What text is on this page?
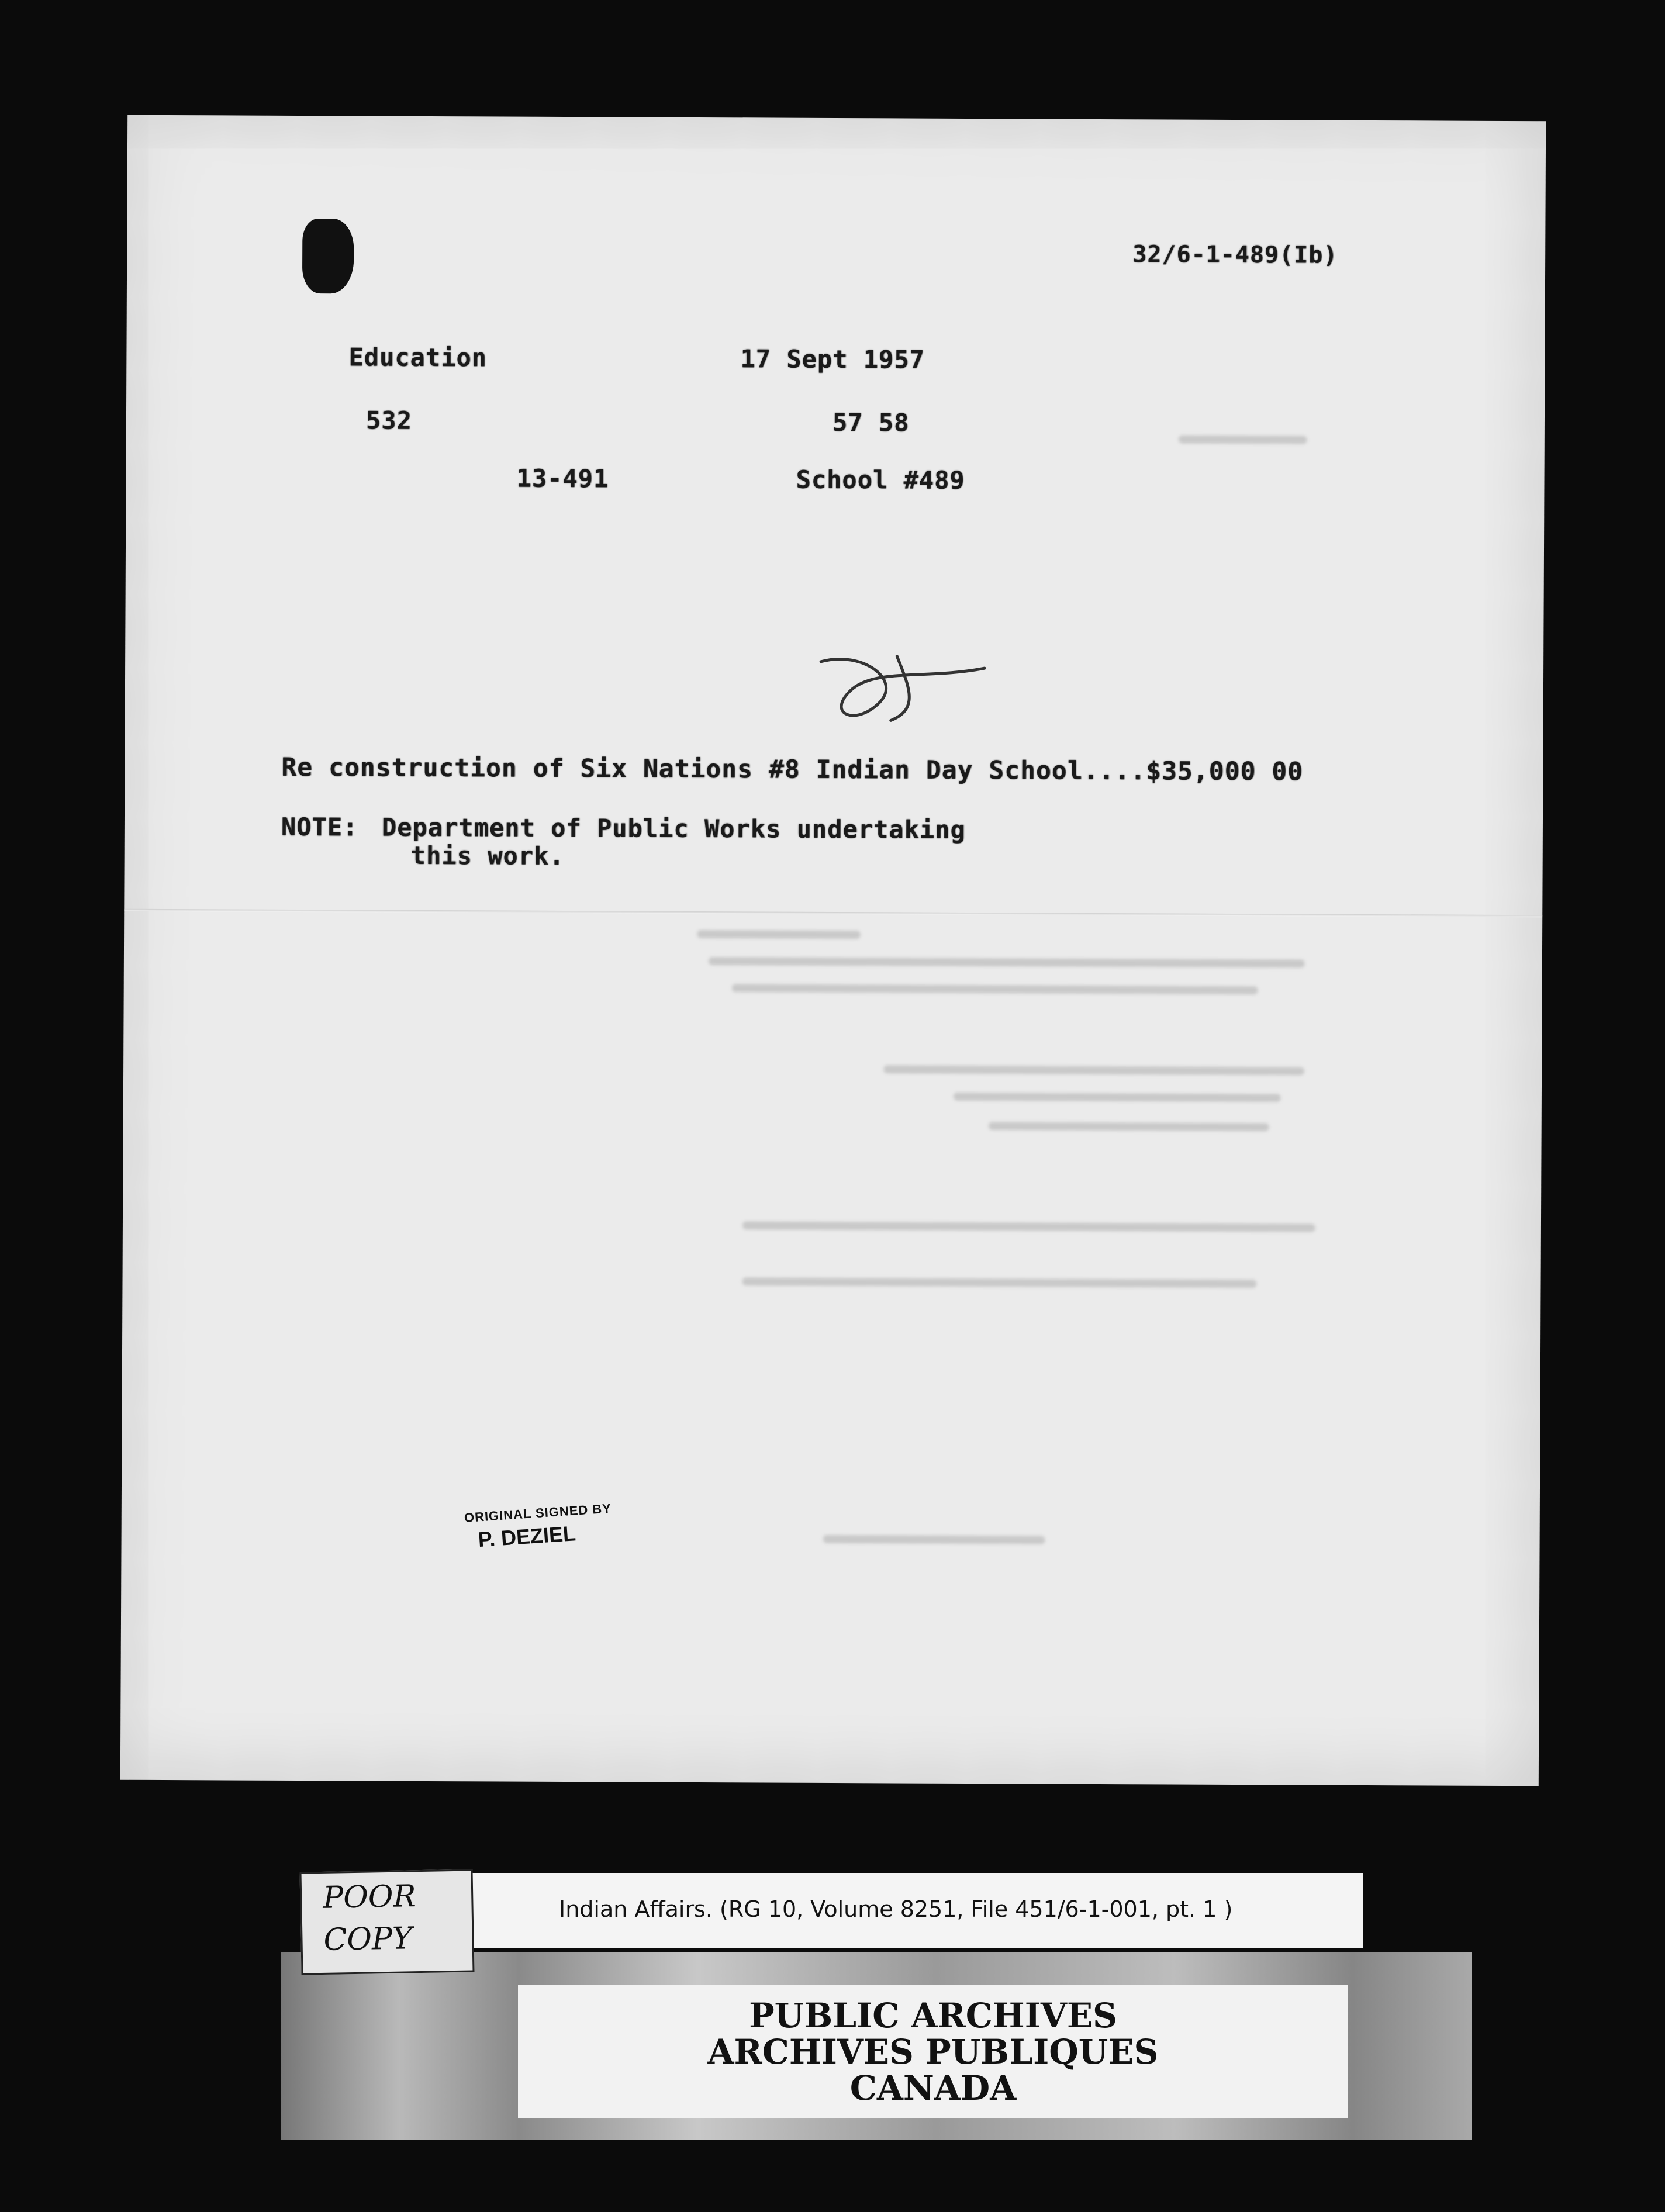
32/6-1-489(Ib)
Education	17 Sept 1957
532	57 58
13-491	School #489
Re construction of Six Nations #8 Indian Day School....$35,000 00
NOTE: Department of Public Works undertaking
this work.
ORIGINAL SIGNED BY
P. DEZIEL
PUBLIC ARCHIVES
ARCHIVES PUBLIQUES
CANADA
Indian Affairs. (RG 10, Volume 8251, File 451/6-1-001, pt. 1 )
POOR
COPY
